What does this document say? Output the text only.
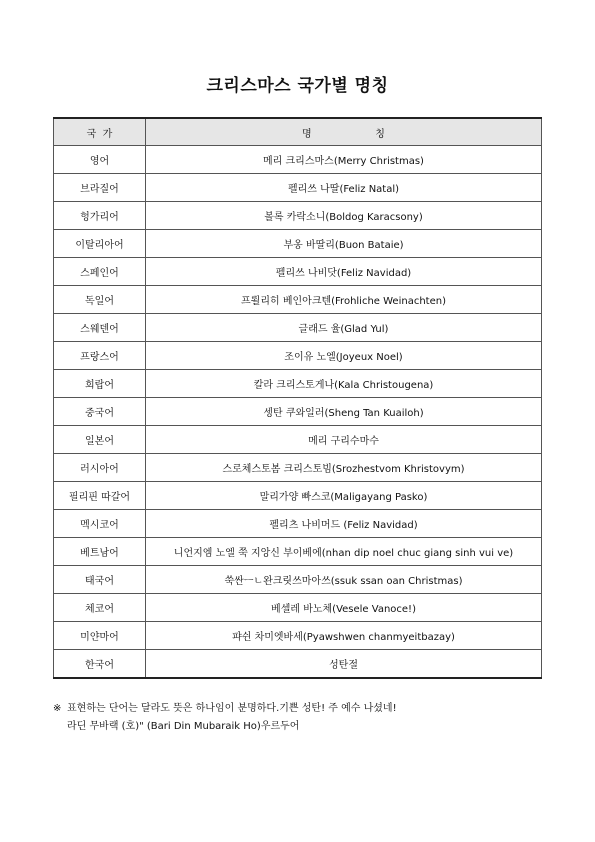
크리스마스 국가별 명칭
국  가	명                    칭
영어	메리 크리스마스(Merry Christmas)
브라질어	펠리쓰 나딸(Feliz Natal)
헝가리어	볼록 카락소니(Boldog Karacsony)
이탈리아어	부옹 바딸리(Buon Bataie)
스페인어	펠리쓰 나비닷(Feliz Navidad)
독일어	프뢸리히 베인아크텐(Frohliche Weinachten)
스웨덴어	글래드 율(Glad Yul)
프랑스어	조이유 노엘(Joyeux Noel)
희랍어	칼라 크리스토게나(Kala Christougena)
중국어	셍탄 쿠와일러(Sheng Tan Kuailoh)
일본어	메리 구리수마수
러시아어	스로체스토봄 크리스토빔(Srozhestvom Khristovym)
필리핀 따갈어	말리가양 빠스코(Maligayang Pasko)
멕시코어	펠리츠 나비머드 (Feliz Navidad)
베트남어	니언지엠 노엘 쭉 지앙신 부이베에(nhan dip noel chuc giang sinh vui ve)
태국어	쑥싼ㅡㄴ완크릿쓰마아쓰(ssuk ssan oan Christmas)
체코어	베셀레 바노체(Vesele Vanoce!)
미얀마어	퍄쉰 차미엣바세(Pyawshwen chanmyeitbazay)
한국어	성탄절
※ 표현하는 단어는 달라도 뜻은 하나임이 분명하다.기쁜 성탄! 주 예수 나셨네!
라딘 무바랙 (호)" (Bari Din Mubaraik Ho)우르두어
